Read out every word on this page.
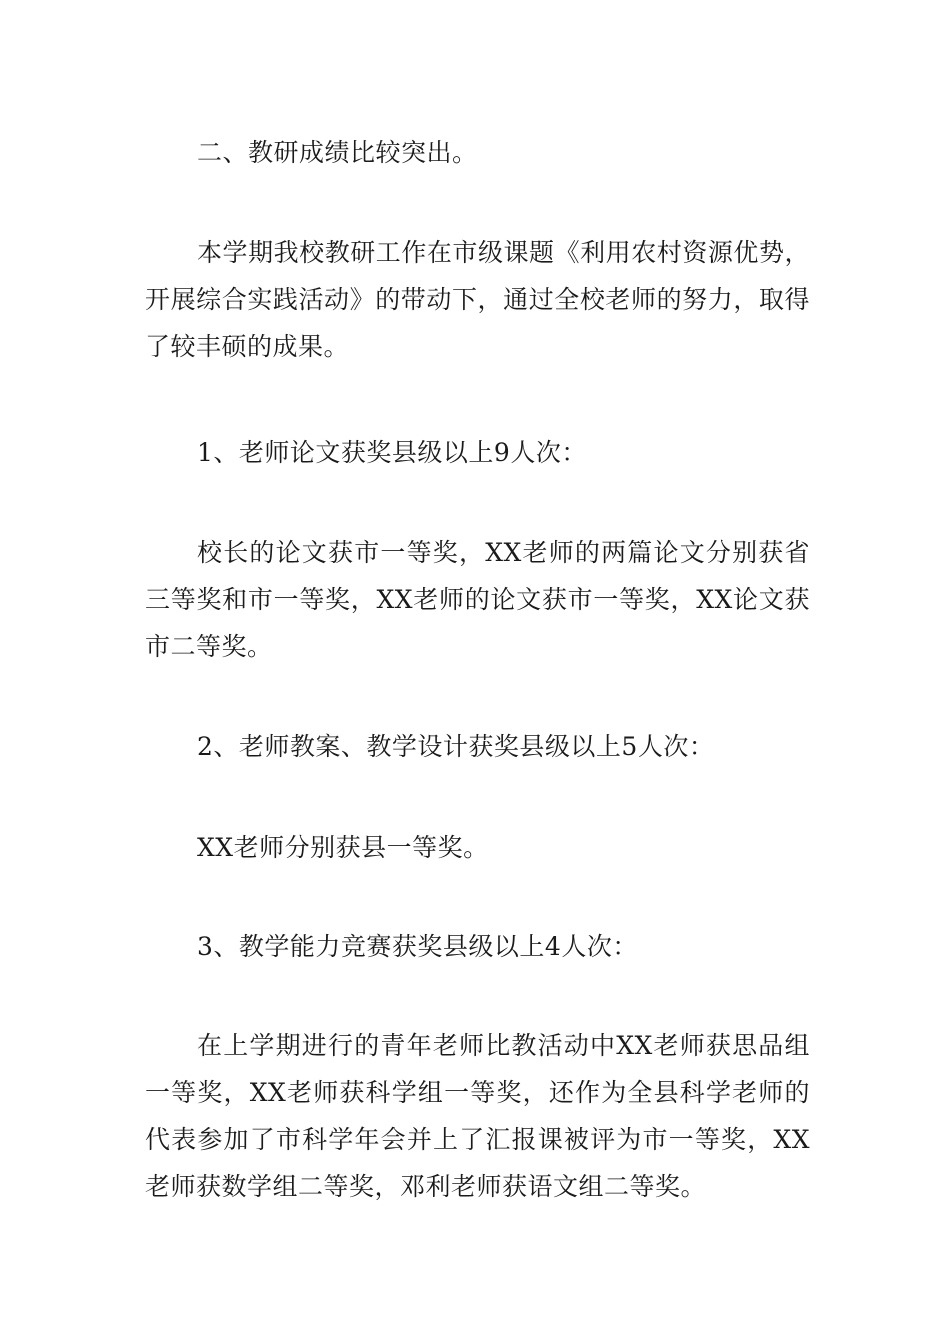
二、教研成绩比较突出。

本学期我校教研工作在市级课题《利用农村资源优势，开展综合实践活动》的带动下，通过全校老师的努力，取得了较丰硕的成果。

1、老师论文获奖县级以上9人次：

校长的论文获市一等奖，XX老师的两篇论文分别获省三等奖和市一等奖，XX老师的论文获市一等奖，XX论文获市二等奖。

2、老师教案、教学设计获奖县级以上5人次：

XX老师分别获县一等奖。

3、教学能力竞赛获奖县级以上4人次：

在上学期进行的青年老师比教活动中XX老师获思品组一等奖，XX老师获科学组一等奖，还作为全县科学老师的代表参加了市科学年会并上了汇报课被评为市一等奖，XX老师获数学组二等奖，邓利老师获语文组二等奖。
